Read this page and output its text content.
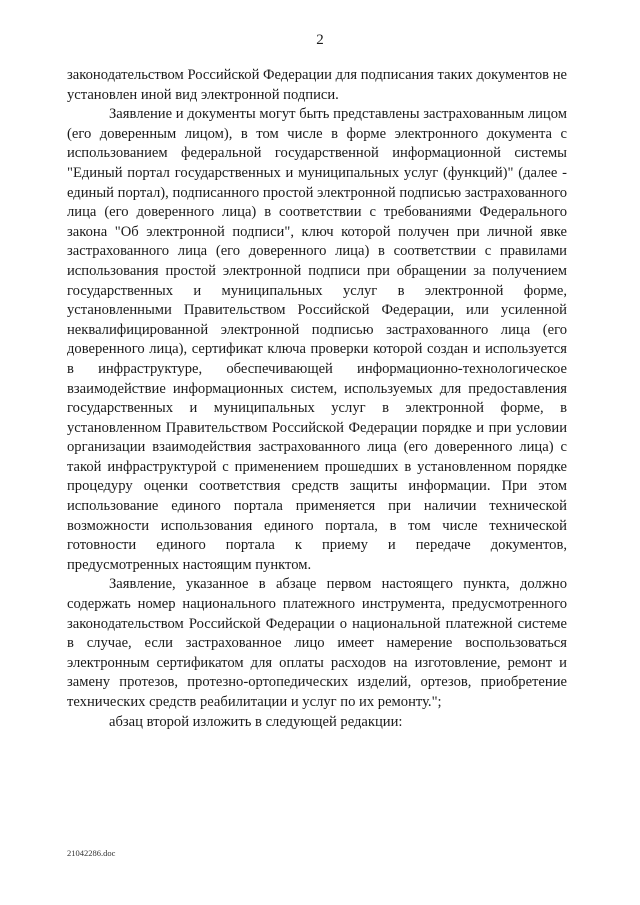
2

законодательством Российской Федерации для подписания таких документов не установлен иной вид электронной подписи.

Заявление и документы могут быть представлены застрахованным лицом (его доверенным лицом), в том числе в форме электронного документа с использованием федеральной государственной информационной системы "Единый портал государственных и муниципальных услуг (функций)" (далее - единый портал), подписанного простой электронной подписью застрахованного лица (его доверенного лица) в соответствии с требованиями Федерального закона "Об электронной подписи", ключ которой получен при личной явке застрахованного лица (его доверенного лица) в соответствии с правилами использования простой электронной подписи при обращении за получением государственных и муниципальных услуг в электронной форме, установленными Правительством Российской Федерации, или усиленной неквалифицированной электронной подписью застрахованного лица (его доверенного лица), сертификат ключа проверки которой создан и используется в инфраструктуре, обеспечивающей информационно-технологическое взаимодействие информационных систем, используемых для предоставления государственных и муниципальных услуг в электронной форме, в установленном Правительством Российской Федерации порядке и при условии организации взаимодействия застрахованного лица (его доверенного лица) с такой инфраструктурой с применением прошедших в установленном порядке процедуру оценки соответствия средств защиты информации. При этом использование единого портала применяется при наличии технической возможности использования единого портала, в том числе технической готовности единого портала к приему и передаче документов, предусмотренных настоящим пунктом.

Заявление, указанное в абзаце первом настоящего пункта, должно содержать номер национального платежного инструмента, предусмотренного законодательством Российской Федерации о национальной платежной системе в случае, если застрахованное лицо имеет намерение воспользоваться электронным сертификатом для оплаты расходов на изготовление, ремонт и замену протезов, протезно-ортопедических изделий, ортезов, приобретение технических средств реабилитации и услуг по их ремонту.";

абзац второй изложить в следующей редакции:

21042286.doc
